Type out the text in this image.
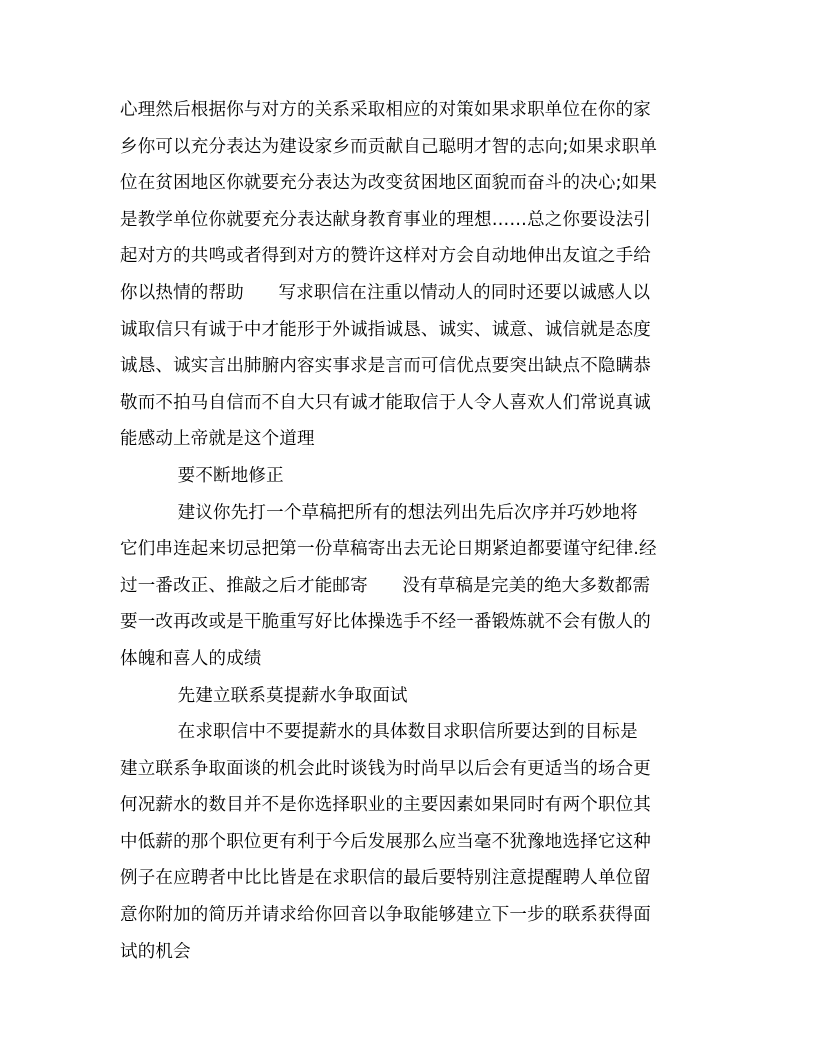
心理然后根据你与对方的关系采取相应的对策如果求职单位在你的家
乡你可以充分表达为建设家乡而贡献自己聪明才智的志向;如果求职单
位在贫困地区你就要充分表达为改变贫困地区面貌而奋斗的决心;如果
是教学单位你就要充分表达献身教育事业的理想……总之你要设法引
起对方的共鸣或者得到对方的赞许这样对方会自动地伸出友谊之手给
你以热情的帮助      写求职信在注重以情动人的同时还要以诚感人以
诚取信只有诚于中才能形于外诚指诚恳、诚实、诚意、诚信就是态度
诚恳、诚实言出肺腑内容实事求是言而可信优点要突出缺点不隐瞒恭
敬而不拍马自信而不自大只有诚才能取信于人令人喜欢人们常说真诚
能感动上帝就是这个道理
要不断地修正
建议你先打一个草稿把所有的想法列出先后次序并巧妙地将
它们串连起来切忌把第一份草稿寄出去无论日期紧迫都要谨守纪律.经
过一番改正、推敲之后才能邮寄      没有草稿是完美的绝大多数都需
要一改再改或是干脆重写好比体操选手不经一番锻炼就不会有傲人的
体魄和喜人的成绩
先建立联系莫提薪水争取面试
在求职信中不要提薪水的具体数目求职信所要达到的目标是
建立联系争取面谈的机会此时谈钱为时尚早以后会有更适当的场合更
何况薪水的数目并不是你选择职业的主要因素如果同时有两个职位其
中低薪的那个职位更有利于今后发展那么应当毫不犹豫地选择它这种
例子在应聘者中比比皆是在求职信的最后要特别注意提醒聘人单位留
意你附加的简历并请求给你回音以争取能够建立下一步的联系获得面
试的机会
